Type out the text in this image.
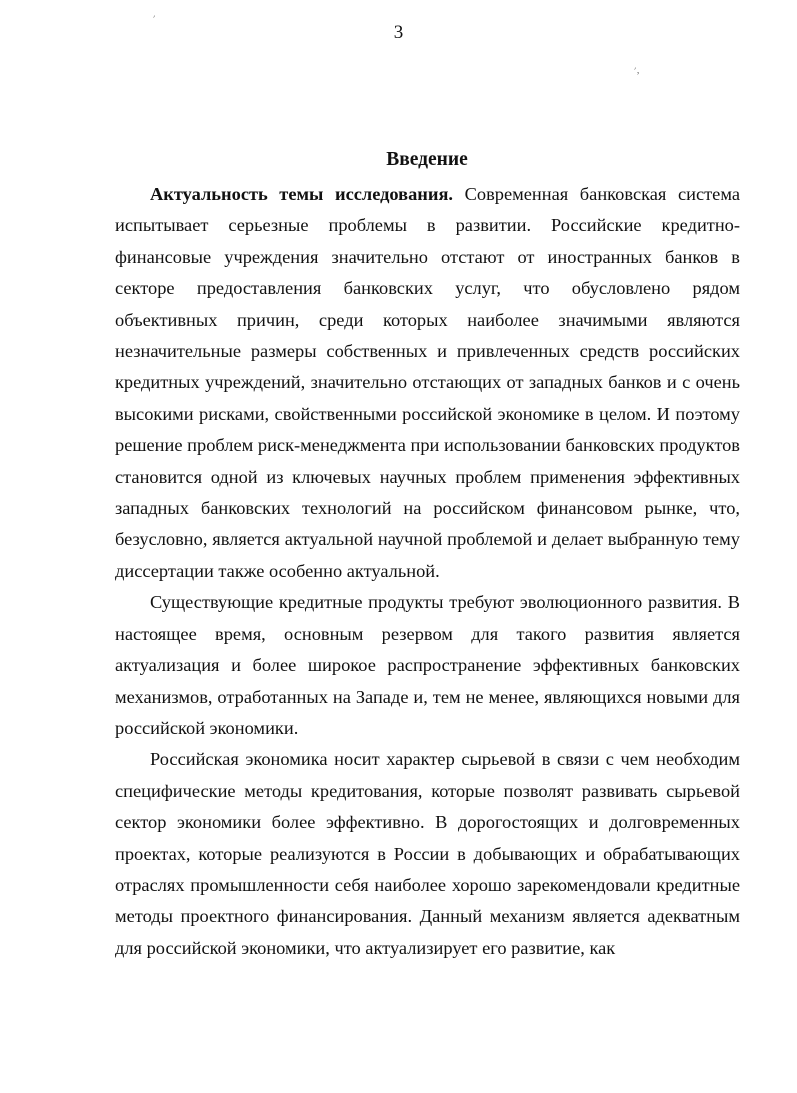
3
׳
׳‚
Введение

Актуальность темы исследования. Современная банковская система испытывает серьезные проблемы в развитии. Российские кредитно-финансовые учреждения значительно отстают от иностранных банков в секторе предоставления банковских услуг, что обусловлено рядом объективных причин, среди которых наиболее значимыми являются незначительные размеры собственных и привлеченных средств российских кредитных учреждений, значительно отстающих от западных банков и с очень высокими рисками, свойственными российской экономике в целом. И поэтому решение проблем риск-менеджмента при использовании банковских продуктов становится одной из ключевых научных проблем применения эффективных западных банковских технологий на российском финансовом рынке, что, безусловно, является актуальной научной проблемой и делает выбранную тему диссертации также особенно актуальной.

Существующие кредитные продукты требуют эволюционного развития. В настоящее время, основным резервом для такого развития является актуализация и более широкое распространение эффективных банковских механизмов, отработанных на Западе и, тем не менее, являющихся новыми для российской экономики.

Российская экономика носит характер сырьевой в связи с чем необходим специфические методы кредитования, которые позволят развивать сырьевой сектор экономики более эффективно. В дорогостоящих и долговременных проектах, которые реализуются в России в добывающих и обрабатывающих отраслях промышленности себя наиболее хорошо зарекомендовали кредитные методы проектного финансирования. Данный механизм является адекватным для российской экономики, что актуализирует его развитие, как
